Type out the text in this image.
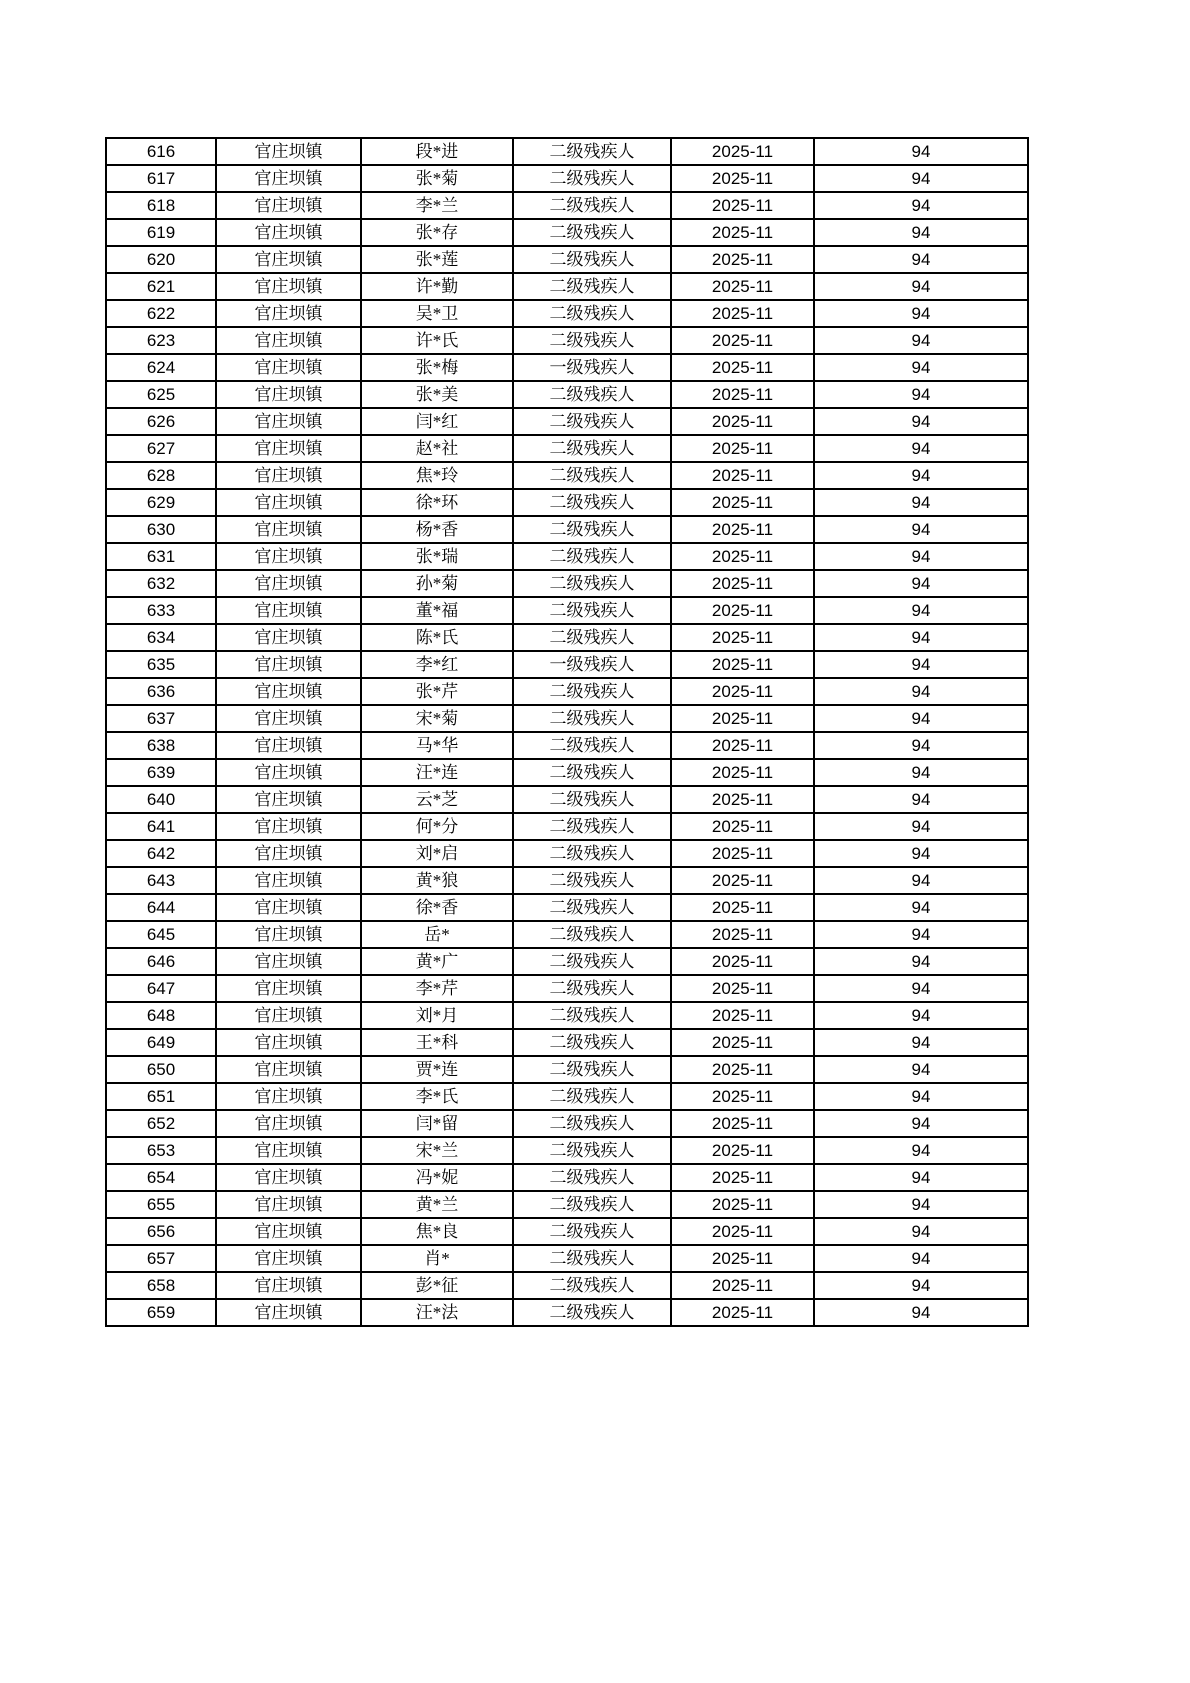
616	官庄坝镇	段*进	二级残疾人	2025-11	94
617	官庄坝镇	张*菊	二级残疾人	2025-11	94
618	官庄坝镇	李*兰	二级残疾人	2025-11	94
619	官庄坝镇	张*存	二级残疾人	2025-11	94
620	官庄坝镇	张*莲	二级残疾人	2025-11	94
621	官庄坝镇	许*勤	二级残疾人	2025-11	94
622	官庄坝镇	吴*卫	二级残疾人	2025-11	94
623	官庄坝镇	许*氏	二级残疾人	2025-11	94
624	官庄坝镇	张*梅	一级残疾人	2025-11	94
625	官庄坝镇	张*美	二级残疾人	2025-11	94
626	官庄坝镇	闫*红	二级残疾人	2025-11	94
627	官庄坝镇	赵*社	二级残疾人	2025-11	94
628	官庄坝镇	焦*玲	二级残疾人	2025-11	94
629	官庄坝镇	徐*环	二级残疾人	2025-11	94
630	官庄坝镇	杨*香	二级残疾人	2025-11	94
631	官庄坝镇	张*瑞	二级残疾人	2025-11	94
632	官庄坝镇	孙*菊	二级残疾人	2025-11	94
633	官庄坝镇	董*福	二级残疾人	2025-11	94
634	官庄坝镇	陈*氏	二级残疾人	2025-11	94
635	官庄坝镇	李*红	一级残疾人	2025-11	94
636	官庄坝镇	张*芹	二级残疾人	2025-11	94
637	官庄坝镇	宋*菊	二级残疾人	2025-11	94
638	官庄坝镇	马*华	二级残疾人	2025-11	94
639	官庄坝镇	汪*连	二级残疾人	2025-11	94
640	官庄坝镇	云*芝	二级残疾人	2025-11	94
641	官庄坝镇	何*分	二级残疾人	2025-11	94
642	官庄坝镇	刘*启	二级残疾人	2025-11	94
643	官庄坝镇	黄*狼	二级残疾人	2025-11	94
644	官庄坝镇	徐*香	二级残疾人	2025-11	94
645	官庄坝镇	岳*	二级残疾人	2025-11	94
646	官庄坝镇	黄*广	二级残疾人	2025-11	94
647	官庄坝镇	李*芹	二级残疾人	2025-11	94
648	官庄坝镇	刘*月	二级残疾人	2025-11	94
649	官庄坝镇	王*科	二级残疾人	2025-11	94
650	官庄坝镇	贾*连	二级残疾人	2025-11	94
651	官庄坝镇	李*氏	二级残疾人	2025-11	94
652	官庄坝镇	闫*留	二级残疾人	2025-11	94
653	官庄坝镇	宋*兰	二级残疾人	2025-11	94
654	官庄坝镇	冯*妮	二级残疾人	2025-11	94
655	官庄坝镇	黄*兰	二级残疾人	2025-11	94
656	官庄坝镇	焦*良	二级残疾人	2025-11	94
657	官庄坝镇	肖*	二级残疾人	2025-11	94
658	官庄坝镇	彭*征	二级残疾人	2025-11	94
659	官庄坝镇	汪*法	二级残疾人	2025-11	94
